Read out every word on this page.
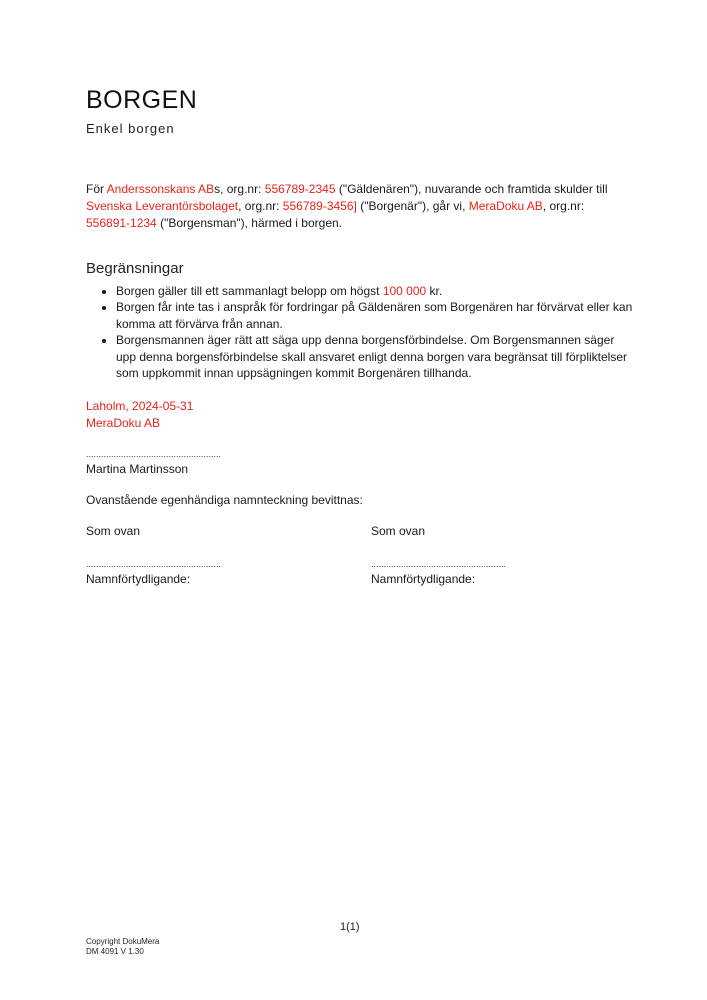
BORGEN
Enkel borgen
För Anderssonskans ABs, org.nr: 556789-2345 ("Gäldenären"), nuvarande och framtida skulder till Svenska Leverantörsbolaget, org.nr: 556789-3456] ("Borgenär"), går vi, MeraDoku AB, org.nr: 556891-1234 ("Borgensman"), härmed i borgen.
Begränsningar
• Borgen gäller till ett sammanlagt belopp om högst 100 000 kr.
• Borgen får inte tas i anspråk för fordringar på Gäldenären som Borgenären har förvärvat eller kan komma att förvärva från annan.
• Borgensmannen äger rätt att säga upp denna borgensförbindelse. Om Borgensmannen säger upp denna borgensförbindelse skall ansvaret enligt denna borgen vara begränsat till förpliktelser som uppkommit innan uppsägningen kommit Borgenären tillhanda.
Laholm, 2024-05-31
MeraDoku AB
......................................................
Martina Martinsson
Ovanstående egenhändiga namnteckning bevittnas:
Som ovan	Som ovan
......................................................	......................................................
Namnförtydligande:	Namnförtydligande:
1(1)
Copyright DokuMera
DM 4091 V 1.30
